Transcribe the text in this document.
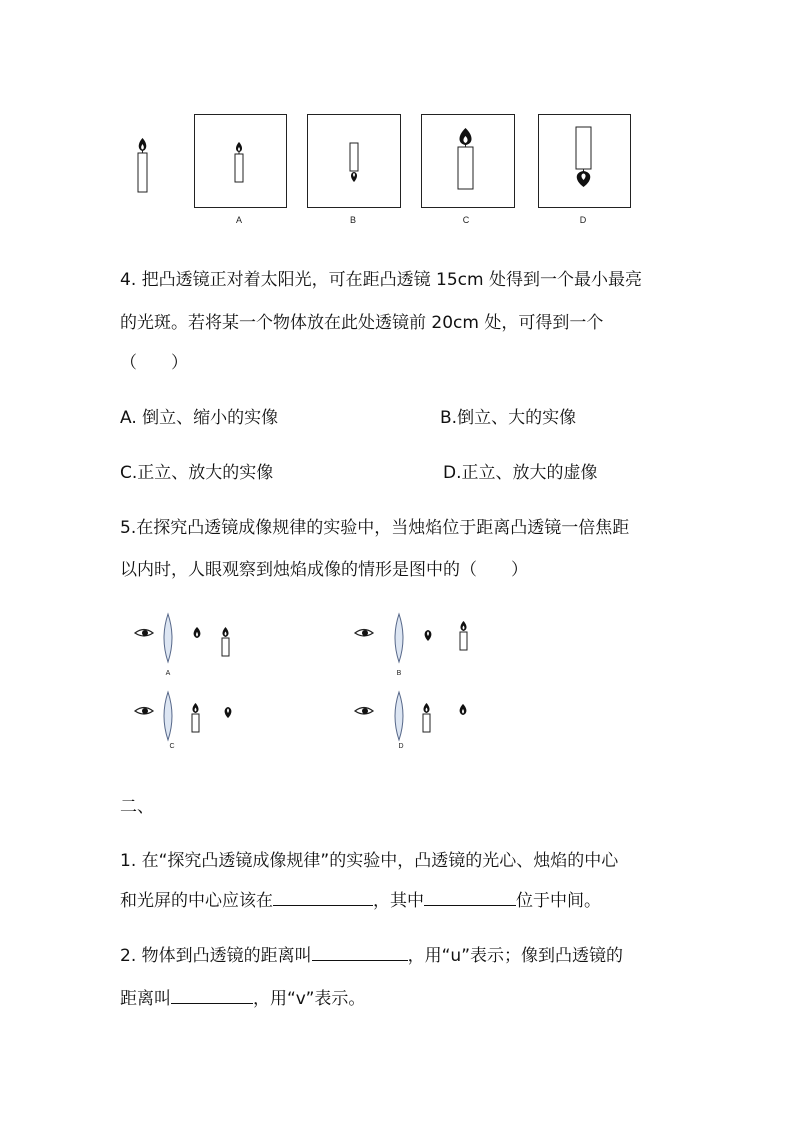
A	B	C	D
4. 把凸透镜正对着太阳光，可在距凸透镜 15cm 处得到一个最小最亮
的光斑。若将某一个物体放在此处透镜前 20cm 处，可得到一个
（　　）
A. 倒立、缩小的实像	B.倒立、大的实像
C.正立、放大的实像	D.正立、放大的虚像
5.在探究凸透镜成像规律的实验中，当烛焰位于距离凸透镜一倍焦距
以内时，人眼观察到烛焰成像的情形是图中的（　　）
A	B
C	D
二、
1. 在“探究凸透镜成像规律”的实验中，凸透镜的光心、烛焰的中心
和光屏的中心应该在	，其中	位于中间。
2. 物体到凸透镜的距离叫	，用“u”表示；像到凸透镜的
距离叫	，用“v”表示。
